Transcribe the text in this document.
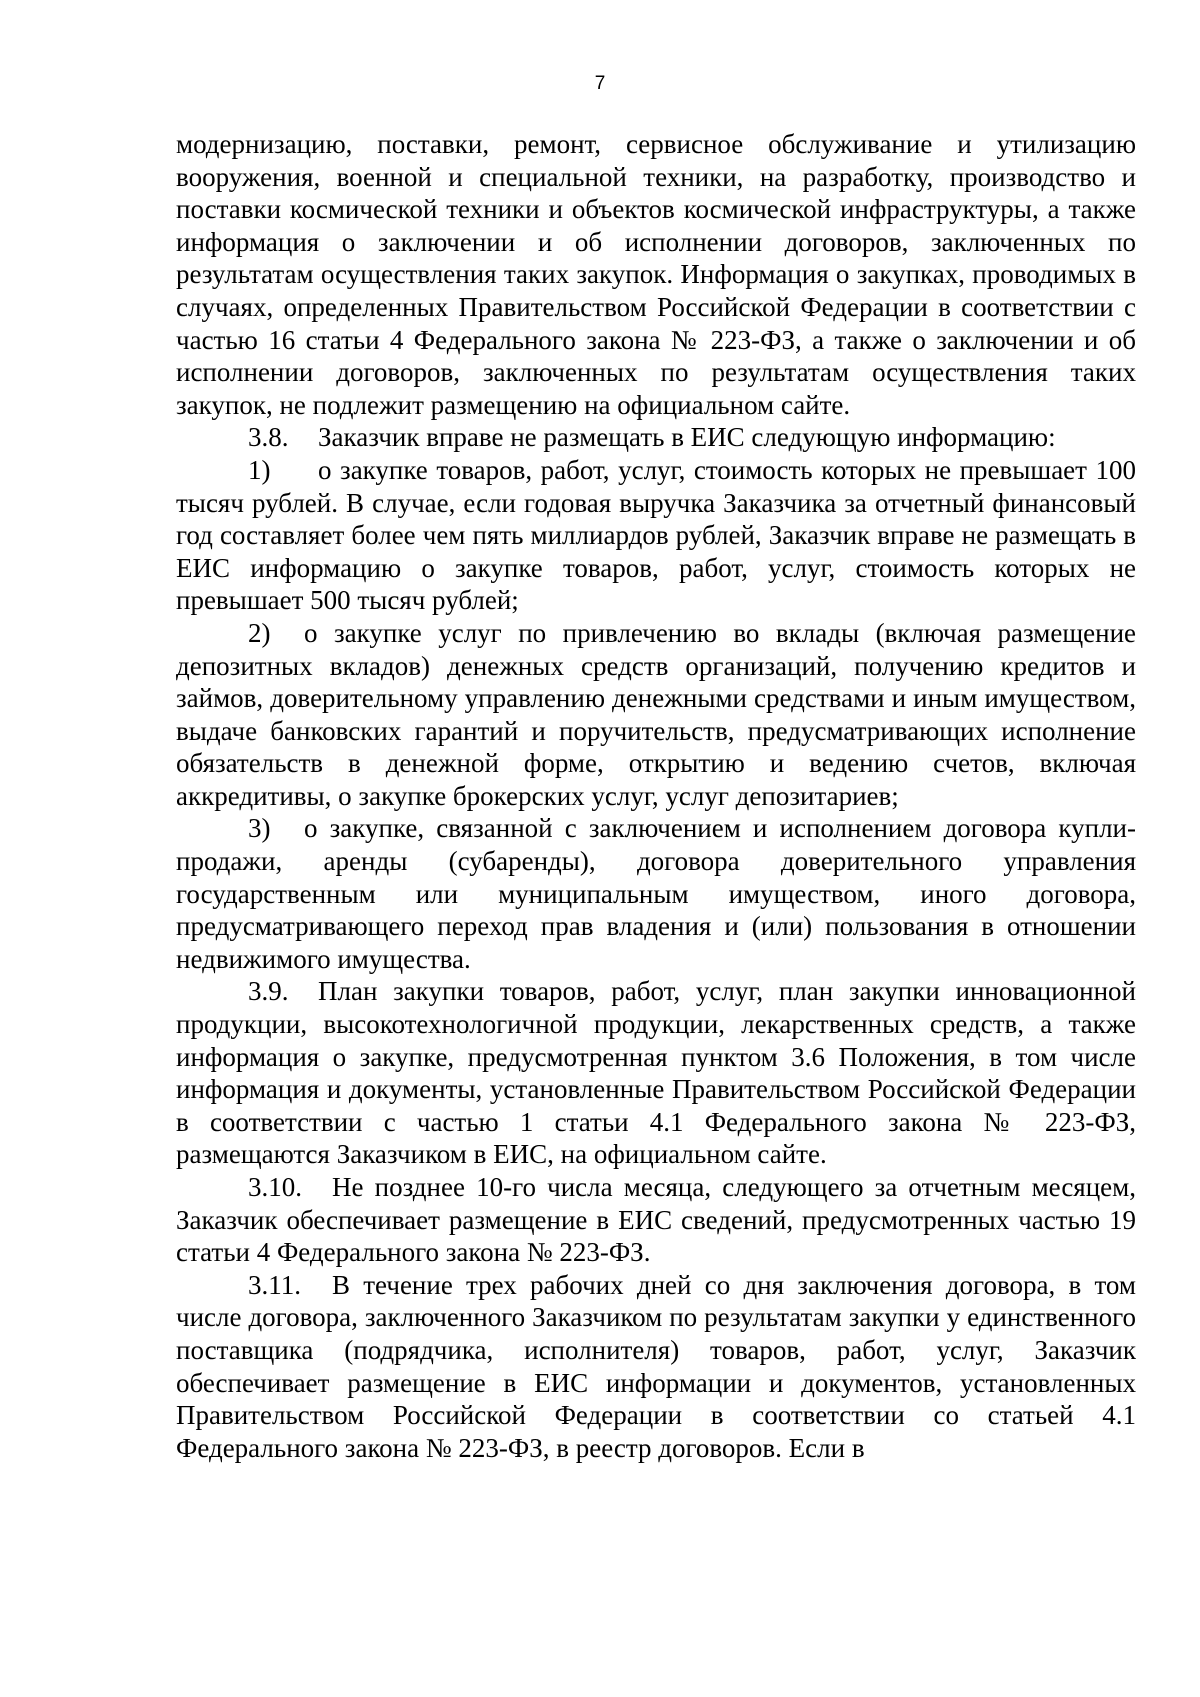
7

модернизацию, поставки, ремонт, сервисное обслуживание и утилизацию вооружения, военной и специальной техники, на разработку, производство и поставки космической техники и объектов космической инфраструктуры, а также информация о заключении и об исполнении договоров, заключенных по результатам осуществления таких закупок. Информация о закупках, проводимых в случаях, определенных Правительством Российской Федерации в соответствии с частью 16 статьи 4 Федерального закона № 223-ФЗ, а также о заключении и об исполнении договоров, заключенных по результатам осуществления таких закупок, не подлежит размещению на официальном сайте.

3.8. Заказчик вправе не размещать в ЕИС следующую информацию:

1) о закупке товаров, работ, услуг, стоимость которых не превышает 100 тысяч рублей. В случае, если годовая выручка Заказчика за отчетный финансовый год составляет более чем пять миллиардов рублей, Заказчик вправе не размещать в ЕИС информацию о закупке товаров, работ, услуг, стоимость которых не превышает 500 тысяч рублей;

2) о закупке услуг по привлечению во вклады (включая размещение депозитных вкладов) денежных средств организаций, получению кредитов и займов, доверительному управлению денежными средствами и иным имуществом, выдаче банковских гарантий и поручительств, предусматривающих исполнение обязательств в денежной форме, открытию и ведению счетов, включая аккредитивы, о закупке брокерских услуг, услуг депозитариев;

3) о закупке, связанной с заключением и исполнением договора купли-продажи, аренды (субаренды), договора доверительного управления государственным или муниципальным имуществом, иного договора, предусматривающего переход прав владения и (или) пользования в отношении недвижимого имущества.

3.9. План закупки товаров, работ, услуг, план закупки инновационной продукции, высокотехнологичной продукции, лекарственных средств, а также информация о закупке, предусмотренная пунктом 3.6 Положения, в том числе информация и документы, установленные Правительством Российской Федерации в соответствии с частью 1 статьи 4.1 Федерального закона № 223-ФЗ, размещаются Заказчиком в ЕИС, на официальном сайте.

3.10. Не позднее 10-го числа месяца, следующего за отчетным месяцем, Заказчик обеспечивает размещение в ЕИС сведений, предусмотренных частью 19 статьи 4 Федерального закона № 223-ФЗ.

3.11. В течение трех рабочих дней со дня заключения договора, в том числе договора, заключенного Заказчиком по результатам закупки у единственного поставщика (подрядчика, исполнителя) товаров, работ, услуг, Заказчик обеспечивает размещение в ЕИС информации и документов, установленных Правительством Российской Федерации в соответствии со статьей 4.1 Федерального закона № 223-ФЗ, в реестр договоров. Если в
